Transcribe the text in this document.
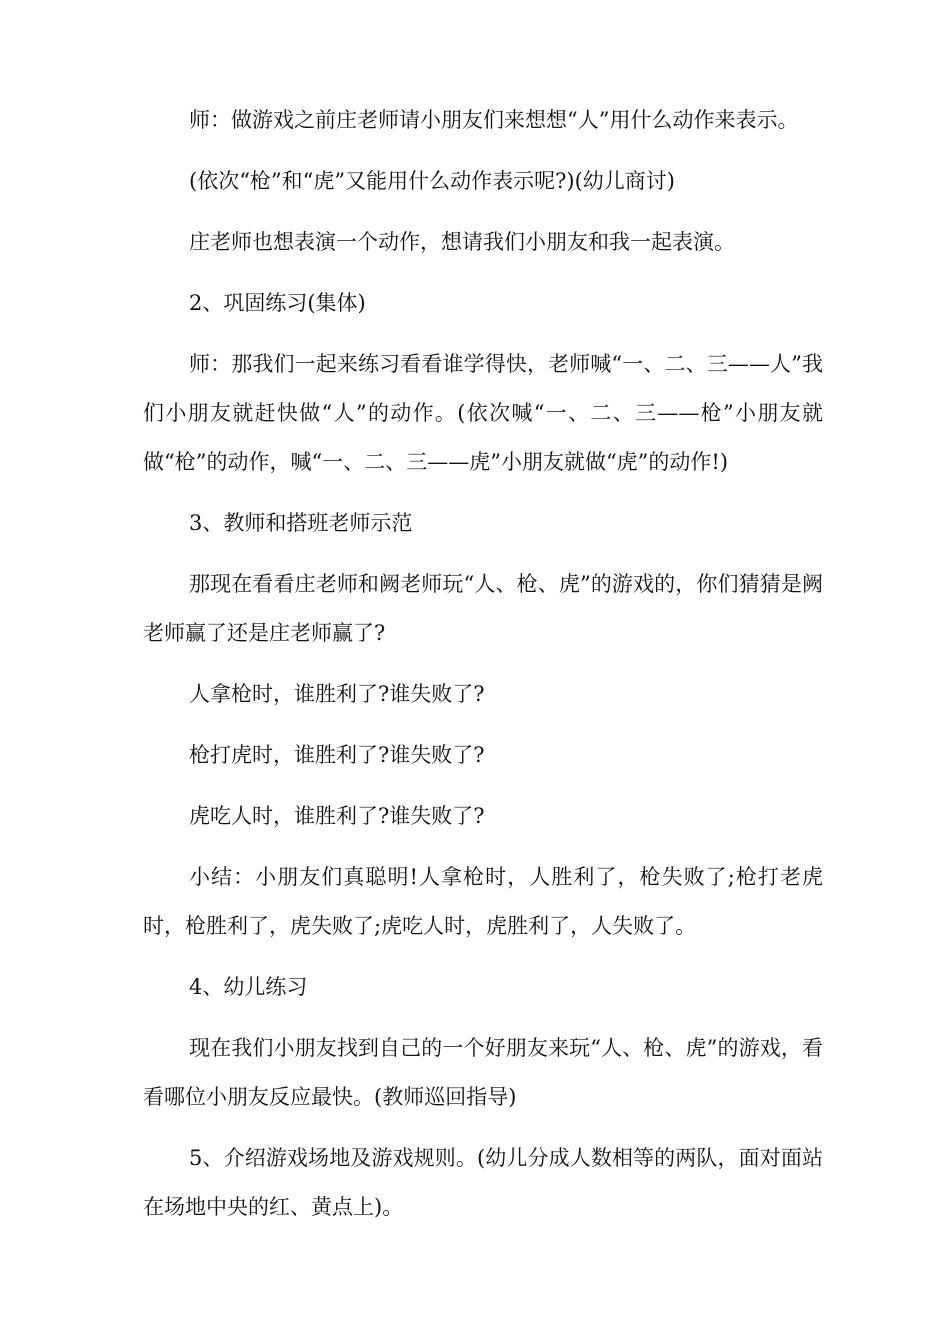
师：做游戏之前庄老师请小朋友们来想想“人”用什么动作来表示。

(依次“枪”和“虎”又能用什么动作表示呢?)(幼儿商讨)

庄老师也想表演一个动作，想请我们小朋友和我一起表演。

2、巩固练习(集体)

师：那我们一起来练习看看谁学得快，老师喊“一、二、三——人”我们小朋友就赶快做“人”的动作。(依次喊“一、二、三——枪”小朋友就做“枪”的动作，喊“一、二、三——虎”小朋友就做“虎”的动作!)

3、教师和搭班老师示范

那现在看看庄老师和阙老师玩“人、枪、虎”的游戏的，你们猜猜是阙老师赢了还是庄老师赢了?

人拿枪时，谁胜利了?谁失败了?

枪打虎时，谁胜利了?谁失败了?

虎吃人时，谁胜利了?谁失败了?

小结：小朋友们真聪明!人拿枪时，人胜利了，枪失败了;枪打老虎时，枪胜利了，虎失败了;虎吃人时，虎胜利了，人失败了。

4、幼儿练习

现在我们小朋友找到自己的一个好朋友来玩“人、枪、虎”的游戏，看看哪位小朋友反应最快。(教师巡回指导)

5、介绍游戏场地及游戏规则。(幼儿分成人数相等的两队，面对面站在场地中央的红、黄点上)。
